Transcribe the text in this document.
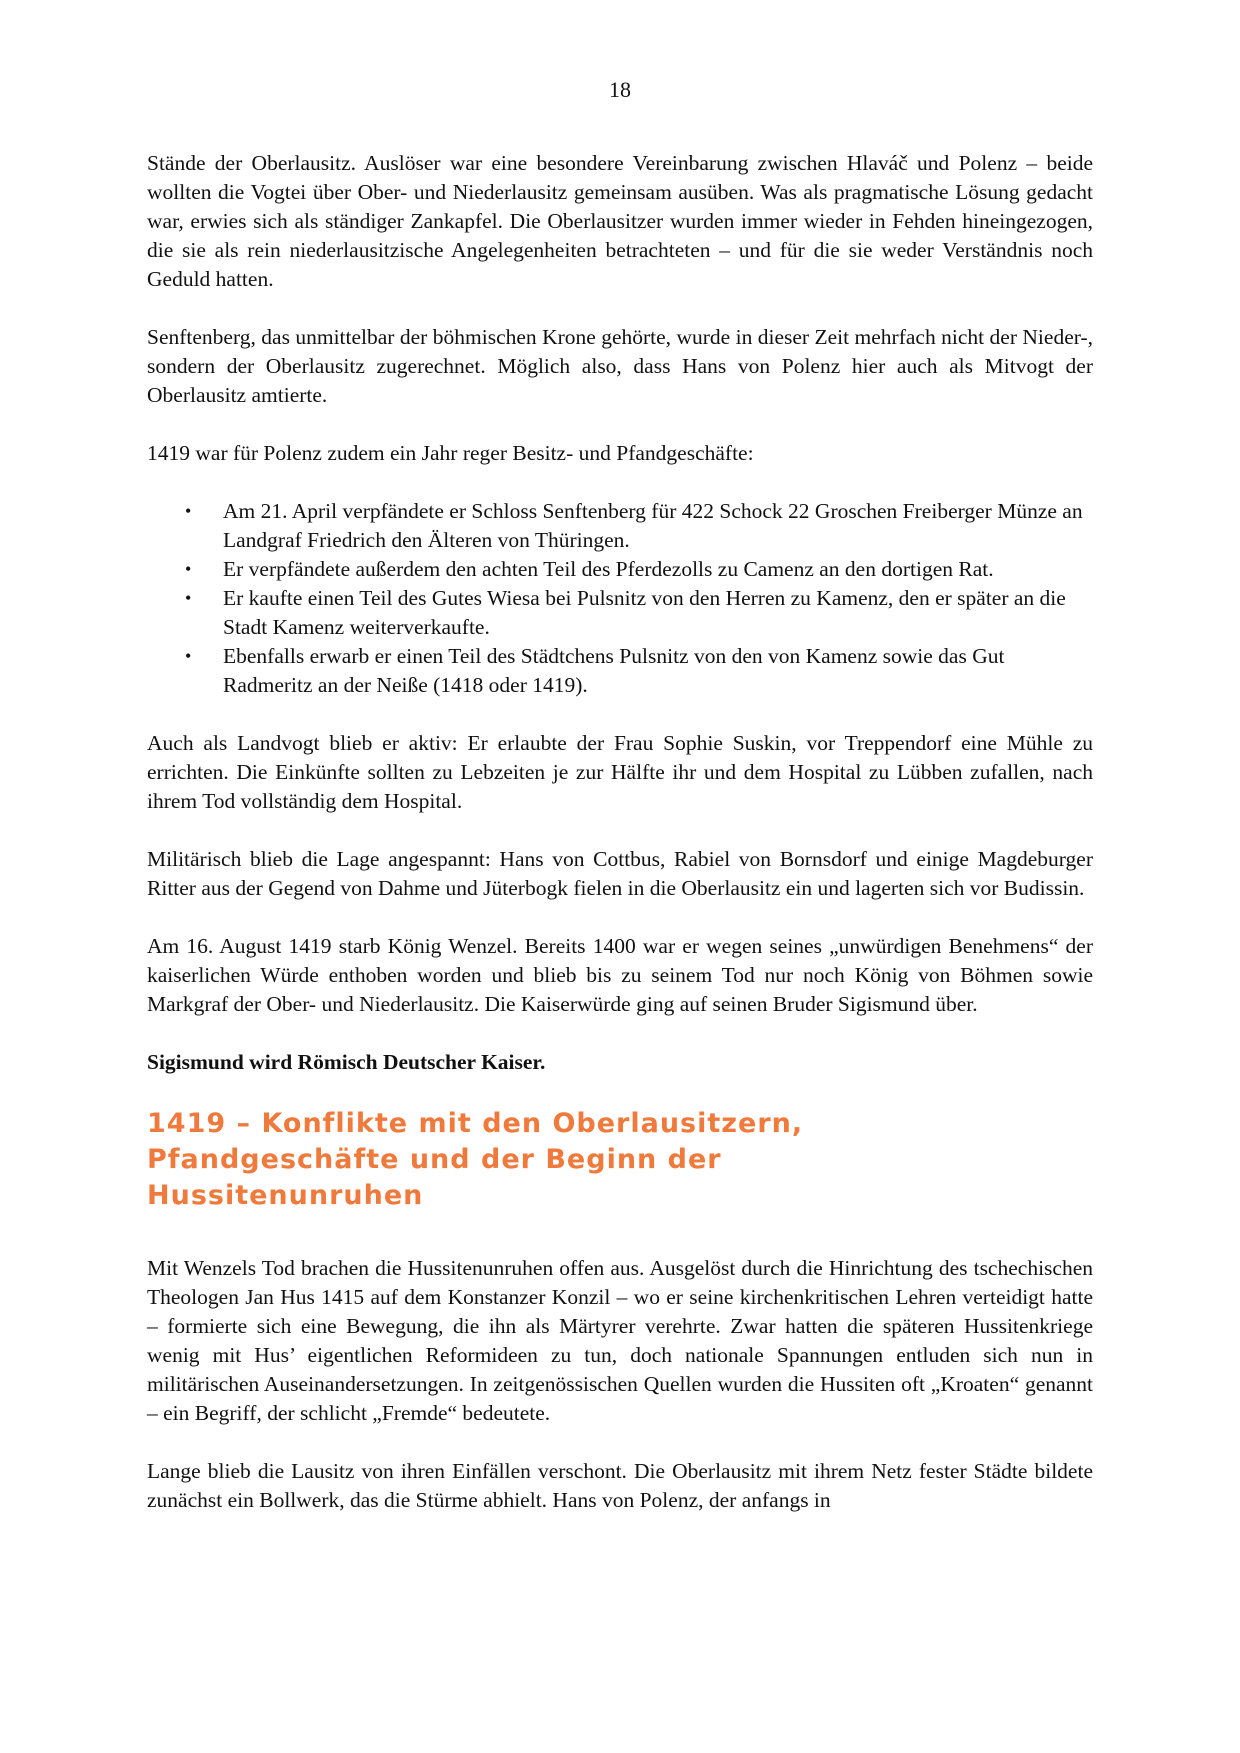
18

Stände der Oberlausitz. Auslöser war eine besondere Vereinbarung zwischen Hlaváč und Polenz – beide wollten die Vogtei über Ober- und Niederlausitz gemeinsam ausüben. Was als pragmatische Lösung gedacht war, erwies sich als ständiger Zankapfel. Die Oberlausitzer wurden immer wieder in Fehden hineingezogen, die sie als rein niederlausitzische Angelegenheiten betrachteten – und für die sie weder Verständnis noch Geduld hatten.

Senftenberg, das unmittelbar der böhmischen Krone gehörte, wurde in dieser Zeit mehrfach nicht der Nieder-, sondern der Oberlausitz zugerechnet. Möglich also, dass Hans von Polenz hier auch als Mitvogt der Oberlausitz amtierte.

1419 war für Polenz zudem ein Jahr reger Besitz- und Pfandgeschäfte:

• Am 21. April verpfändete er Schloss Senftenberg für 422 Schock 22 Groschen Freiberger Münze an Landgraf Friedrich den Älteren von Thüringen.
• Er verpfändete außerdem den achten Teil des Pferdezolls zu Camenz an den dortigen Rat.
• Er kaufte einen Teil des Gutes Wiesa bei Pulsnitz von den Herren zu Kamenz, den er später an die Stadt Kamenz weiterverkaufte.
• Ebenfalls erwarb er einen Teil des Städtchens Pulsnitz von den von Kamenz sowie das Gut Radmeritz an der Neiße (1418 oder 1419).

Auch als Landvogt blieb er aktiv: Er erlaubte der Frau Sophie Suskin, vor Treppendorf eine Mühle zu errichten. Die Einkünfte sollten zu Lebzeiten je zur Hälfte ihr und dem Hospital zu Lübben zufallen, nach ihrem Tod vollständig dem Hospital.

Militärisch blieb die Lage angespannt: Hans von Cottbus, Rabiel von Bornsdorf und einige Magdeburger Ritter aus der Gegend von Dahme und Jüterbogk fielen in die Oberlausitz ein und lagerten sich vor Budissin.

Am 16. August 1419 starb König Wenzel. Bereits 1400 war er wegen seines „unwürdigen Benehmens“ der kaiserlichen Würde enthoben worden und blieb bis zu seinem Tod nur noch König von Böhmen sowie Markgraf der Ober- und Niederlausitz. Die Kaiserwürde ging auf seinen Bruder Sigismund über.

Sigismund wird Römisch Deutscher Kaiser.

1419 – Konflikte mit den Oberlausitzern, Pfandgeschäfte und der Beginn der Hussitenunruhen

Mit Wenzels Tod brachen die Hussitenunruhen offen aus. Ausgelöst durch die Hinrichtung des tschechischen Theologen Jan Hus 1415 auf dem Konstanzer Konzil – wo er seine kirchenkritischen Lehren verteidigt hatte – formierte sich eine Bewegung, die ihn als Märtyrer verehrte. Zwar hatten die späteren Hussitenkriege wenig mit Hus’ eigentlichen Reformideen zu tun, doch nationale Spannungen entluden sich nun in militärischen Auseinandersetzungen. In zeitgenössischen Quellen wurden die Hussiten oft „Kroaten“ genannt – ein Begriff, der schlicht „Fremde“ bedeutete.

Lange blieb die Lausitz von ihren Einfällen verschont. Die Oberlausitz mit ihrem Netz fester Städte bildete zunächst ein Bollwerk, das die Stürme abhielt. Hans von Polenz, der anfangs in
